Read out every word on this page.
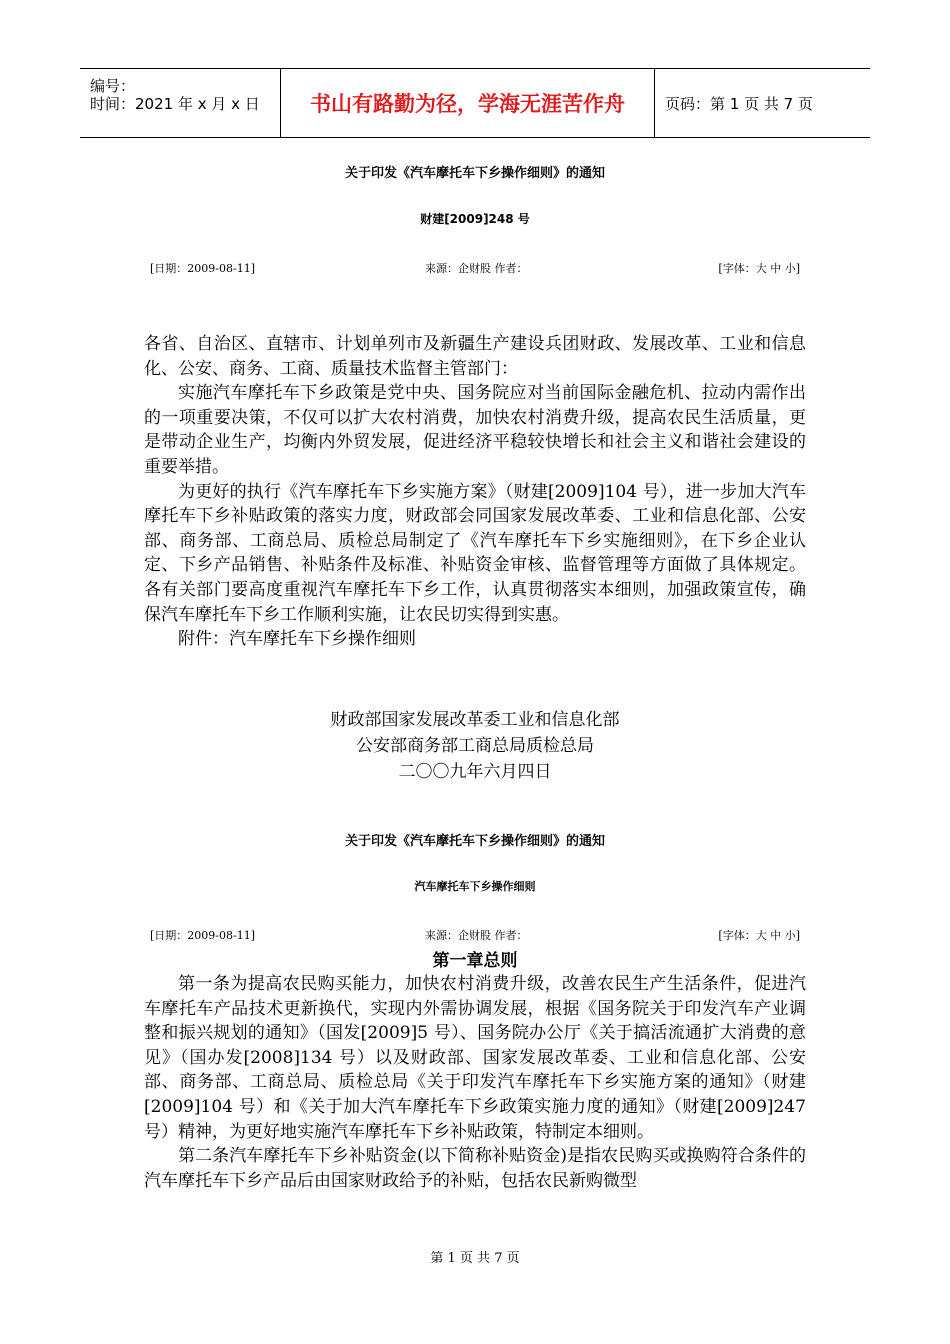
编号：
时间：2021 年 x 月 x 日	书山有路勤为径，学海无涯苦作舟	页码：第 1 页 共 7 页
关于印发《汽车摩托车下乡操作细则》的通知
财建[2009]248 号
[日期：2009-08-11]	来源：企财股 作者：	[字体：大 中 小]

各省、自治区、直辖市、计划单列市及新疆生产建设兵团财政、发展改革、工业和信息化、公安、商务、工商、质量技术监督主管部门：

实施汽车摩托车下乡政策是党中央、国务院应对当前国际金融危机、拉动内需作出的一项重要决策，不仅可以扩大农村消费，加快农村消费升级，提高农民生活质量，更是带动企业生产，均衡内外贸发展，促进经济平稳较快增长和社会主义和谐社会建设的重要举措。

为更好的执行《汽车摩托车下乡实施方案》（财建[2009]104 号），进一步加大汽车摩托车下乡补贴政策的落实力度，财政部会同国家发展改革委、工业和信息化部、公安部、商务部、工商总局、质检总局制定了《汽车摩托车下乡实施细则》，在下乡企业认定、下乡产品销售、补贴条件及标准、补贴资金审核、监督管理等方面做了具体规定。各有关部门要高度重视汽车摩托车下乡工作，认真贯彻落实本细则，加强政策宣传，确保汽车摩托车下乡工作顺利实施，让农民切实得到实惠。

附件：汽车摩托车下乡操作细则

财政部国家发展改革委工业和信息化部
公安部商务部工商总局质检总局
二〇〇九年六月四日
关于印发《汽车摩托车下乡操作细则》的通知
汽车摩托车下乡操作细则
[日期：2009-08-11]	来源：企财股 作者：	[字体：大 中 小]
第一章总则

第一条为提高农民购买能力，加快农村消费升级，改善农民生产生活条件，促进汽车摩托车产品技术更新换代，实现内外需协调发展，根据《国务院关于印发汽车产业调整和振兴规划的通知》（国发[2009]5 号）、国务院办公厅《关于搞活流通扩大消费的意见》（国办发[2008]134 号）以及财政部、国家发展改革委、工业和信息化部、公安部、商务部、工商总局、质检总局《关于印发汽车摩托车下乡实施方案的通知》（财建[2009]104 号）和《关于加大汽车摩托车下乡政策实施力度的通知》（财建[2009]247 号）精神，为更好地实施汽车摩托车下乡补贴政策，特制定本细则。

第二条汽车摩托车下乡补贴资金(以下简称补贴资金)是指农民购买或换购符合条件的汽车摩托车下乡产品后由国家财政给予的补贴，包括农民新购微型

第 1 页 共 7 页
